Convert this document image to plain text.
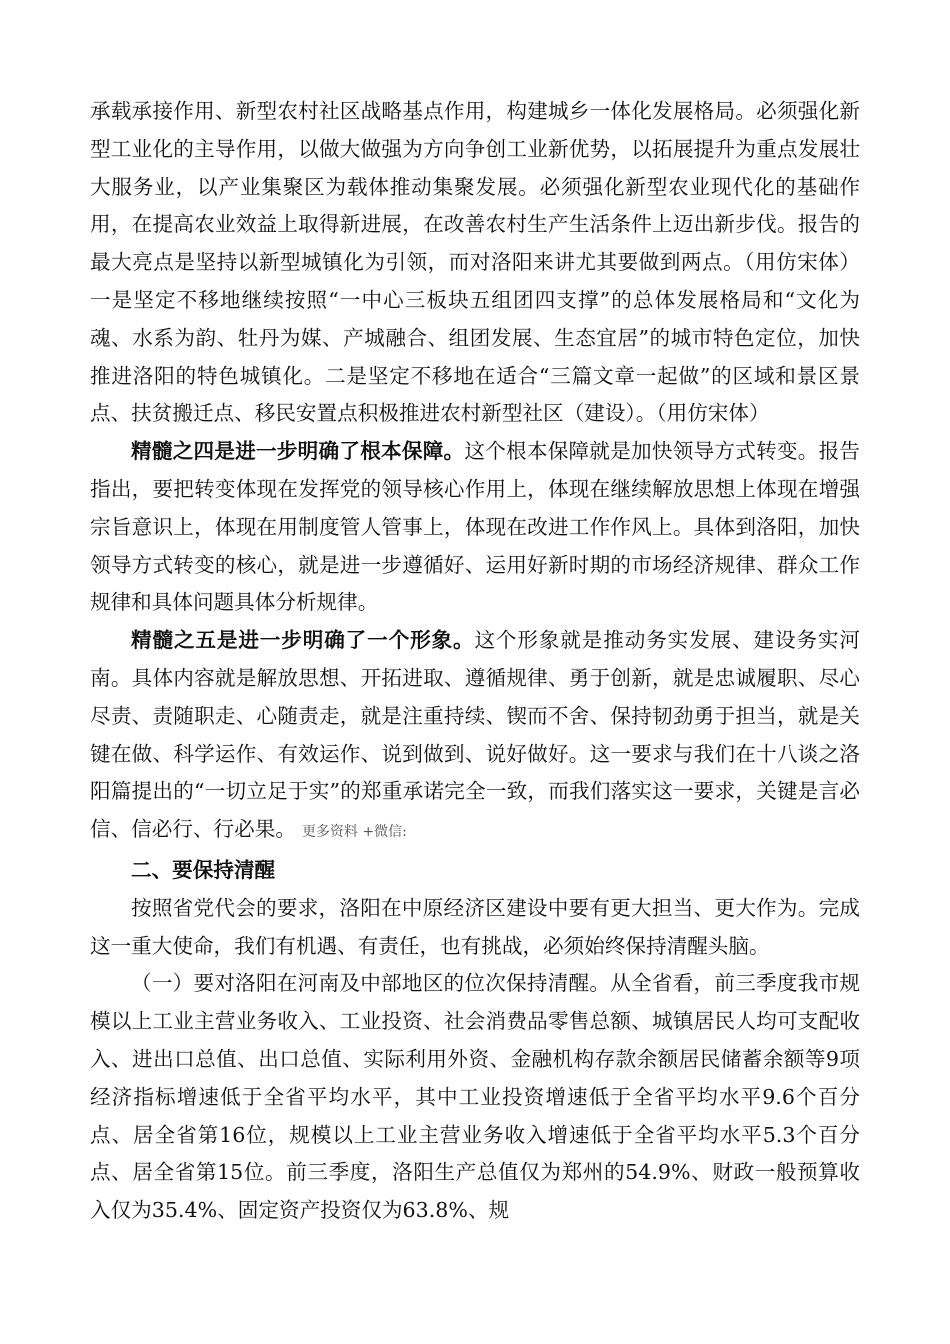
承载承接作用、新型农村社区战略基点作用，构建城乡一体化发展格局。必须强化新型工业化的主导作用，以做大做强为方向争创工业新优势，以拓展提升为重点发展壮大服务业，以产业集聚区为载体推动集聚发展。必须强化新型农业现代化的基础作用，在提高农业效益上取得新进展，在改善农村生产生活条件上迈出新步伐。报告的最大亮点是坚持以新型城镇化为引领，而对洛阳来讲尤其要做到两点。（用仿宋体）一是坚定不移地继续按照“一中心三板块五组团四支撑”的总体发展格局和“文化为魂、水系为韵、牡丹为媒、产城融合、组团发展、生态宜居”的城市特色定位，加快推进洛阳的特色城镇化。二是坚定不移地在适合“三篇文章一起做”的区域和景区景点、扶贫搬迁点、移民安置点积极推进农村新型社区（建设）。（用仿宋体）

精髓之四是进一步明确了根本保障。这个根本保障就是加快领导方式转变。报告指出，要把转变体现在发挥党的领导核心作用上，体现在继续解放思想上体现在增强宗旨意识上，体现在用制度管人管事上，体现在改进工作作风上。具体到洛阳，加快领导方式转变的核心，就是进一步遵循好、运用好新时期的市场经济规律、群众工作规律和具体问题具体分析规律。

精髓之五是进一步明确了一个形象。这个形象就是推动务实发展、建设务实河南。具体内容就是解放思想、开拓进取、遵循规律、勇于创新，就是忠诚履职、尽心尽责、责随职走、心随责走，就是注重持续、锲而不舍、保持韧劲勇于担当，就是关键在做、科学运作、有效运作、说到做到、说好做好。这一要求与我们在十八谈之洛阳篇提出的“一切立足于实”的郑重承诺完全一致，而我们落实这一要求，关键是言必信、信必行、行必果。 更多资料 +微信:

二、要保持清醒

按照省党代会的要求，洛阳在中原经济区建设中要有更大担当、更大作为。完成这一重大使命，我们有机遇、有责任，也有挑战，必须始终保持清醒头脑。

（一）要对洛阳在河南及中部地区的位次保持清醒。从全省看，前三季度我市规模以上工业主营业务收入、工业投资、社会消费品零售总额、城镇居民人均可支配收入、进出口总值、出口总值、实际利用外资、金融机构存款余额居民储蓄余额等9项经济指标增速低于全省平均水平，其中工业投资增速低于全省平均水平9.6个百分点、居全省第16位，规模以上工业主营业务收入增速低于全省平均水平5.3个百分点、居全省第15位。前三季度，洛阳生产总值仅为郑州的54.9%、财政一般预算收入仅为35.4%、固定资产投资仅为63.8%、规
